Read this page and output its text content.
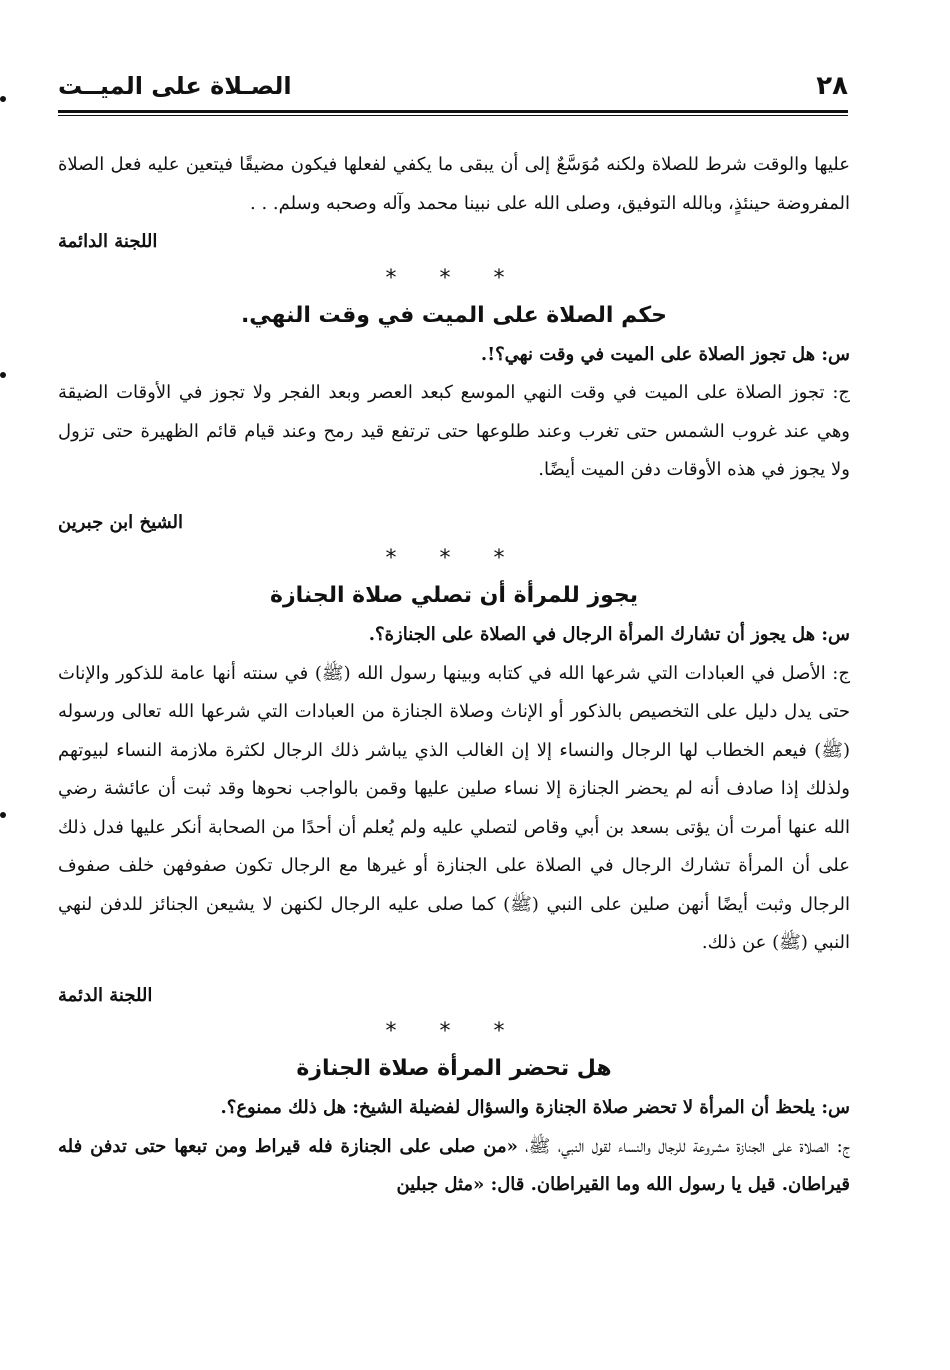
الصـلاة على الميــت	٢٨

عليها والوقت شرط للصلاة ولكنه مُوَسَّعٌ إلى أن يبقى ما يكفي لفعلها فيكون مضيقًا فيتعين عليه فعل الصلاة المفروضة حينئذٍ، وبالله التوفيق، وصلى الله على نبينا محمد وآله وصحبه وسلم. . .

اللجنة الدائمة

* * *

حكم الصلاة على الميت في وقت النهي.

س: هل تجوز الصلاة على الميت في وقت نهي؟!.

ج: تجوز الصلاة على الميت في وقت النهي الموسع كبعد العصر وبعد الفجر ولا تجوز في الأوقات الضيقة وهي عند غروب الشمس حتى تغرب وعند طلوعها حتى ترتفع قيد رمح وعند قيام قائم الظهيرة حتى تزول ولا يجوز في هذه الأوقات دفن الميت أيضًا.

الشيخ ابن جبرين

* * *

يجوز للمرأة أن تصلي صلاة الجنازة

س: هل يجوز أن تشارك المرأة الرجال في الصلاة على الجنازة؟.

ج: الأصل في العبادات التي شرعها الله في كتابه وبينها رسول الله (ﷺ) في سنته أنها عامة للذكور والإناث حتى يدل دليل على التخصيص بالذكور أو الإناث وصلاة الجنازة من العبادات التي شرعها الله تعالى ورسوله (ﷺ) فيعم الخطاب لها الرجال والنساء إلا إن الغالب الذي يباشر ذلك الرجال لكثرة ملازمة النساء لبيوتهم ولذلك إذا صادف أنه لم يحضر الجنازة إلا نساء صلين عليها وقمن بالواجب نحوها وقد ثبت أن عائشة رضي الله عنها أمرت أن يؤتى بسعد بن أبي وقاص لتصلي عليه ولم يُعلم أن أحدًا من الصحابة أنكر عليها فدل ذلك على أن المرأة تشارك الرجال في الصلاة على الجنازة أو غيرها مع الرجال تكون صفوفهن خلف صفوف الرجال وثبت أيضًا أنهن صلين على النبي (ﷺ) كما صلى عليه الرجال لكنهن لا يشيعن الجنائز للدفن لنهي النبي (ﷺ) عن ذلك.

اللجنة الدئمة

* * *

هل تحضر المرأة صلاة الجنازة

س: يلحظ أن المرأة لا تحضر صلاة الجنازة والسؤال لفضيلة الشيخ: هل ذلك ممنوع؟.

ج: الصلاة على الجنازة مشروعة للرجال والنساء لقول النبي، ﷺ، «من صلى على الجنازة فله قيراط ومن تبعها حتى تدفن فله قيراطان. قيل يا رسول الله وما القيراطان. قال: «مثل جبلين
